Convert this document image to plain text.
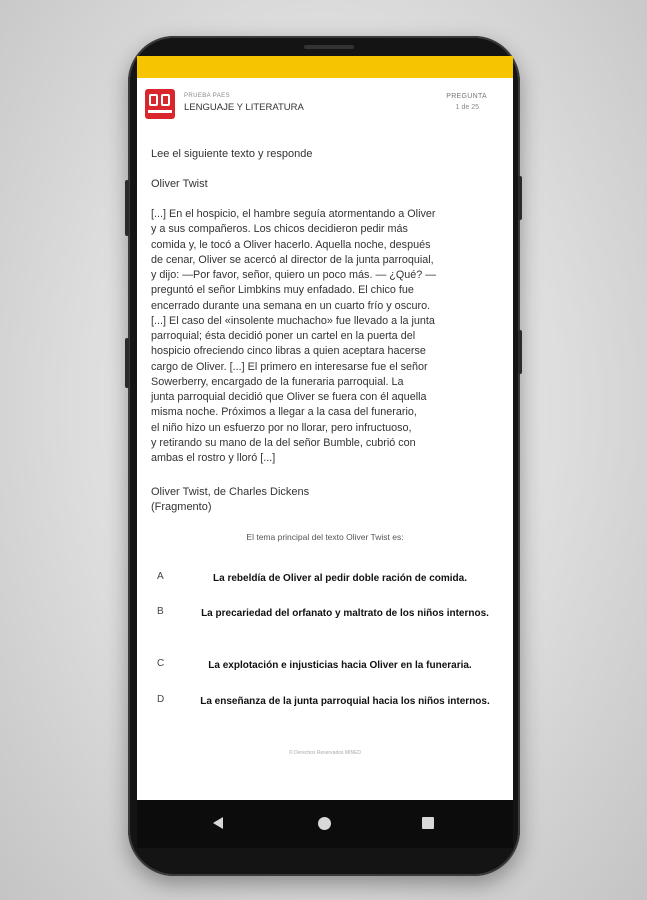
PRUEBA PAES
LENGUAJE Y LITERATURA
PREGUNTA
1 de 25
Lee el siguiente texto y responde
Oliver Twist
[...] En el hospicio, el hambre seguía atormentando a Oliver
y a sus compañeros. Los chicos decidieron pedir más
comida y, le tocó a Oliver hacerlo. Aquella noche, después
de cenar, Oliver se acercó al director de la junta parroquial,
y dijo: —Por favor, señor, quiero un poco más. — ¿Qué? —
preguntó el señor Limbkins muy enfadado. El chico fue
encerrado durante una semana en un cuarto frío y oscuro.
[...] El caso del «insolente muchacho» fue llevado a la junta
parroquial; ésta decidió poner un cartel en la puerta del
hospicio ofreciendo cinco libras a quien aceptara hacerse
cargo de Oliver. [...] El primero en interesarse fue el señor
Sowerberry, encargado de la funeraria parroquial. La
junta parroquial decidió que Oliver se fuera con él aquella
misma noche. Próximos a llegar a la casa del funerario,
el niño hizo un esfuerzo por no llorar, pero infructuoso,
y retirando su mano de la del señor Bumble, cubrió con
ambas el rostro y lloró [...]
Oliver Twist, de Charles Dickens
(Fragmento)
El tema principal del texto Oliver Twist es:
A	La rebeldía de Oliver al pedir doble ración de comida.
B	La precariedad del orfanato y maltrato de los niños internos.
C	La explotación e injusticias hacia Oliver en la funeraria.
D	La enseñanza de la junta parroquial hacia los niños internos.
© Derechos Reservados MINED
